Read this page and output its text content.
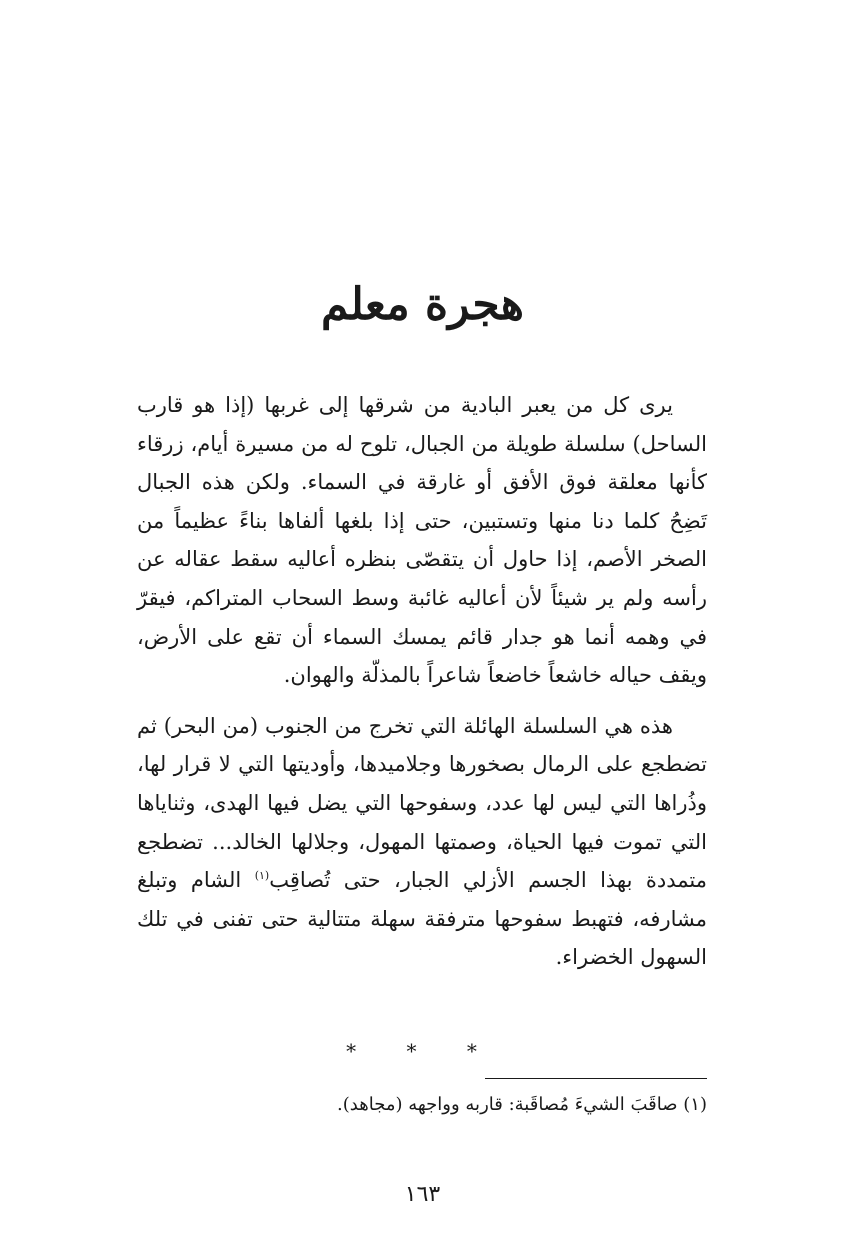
هجرة معلم

يرى كل من يعبر البادية من شرقها إلى غربها (إذا هو قارب الساحل) سلسلة طويلة من الجبال، تلوح له من مسيرة أيام، زرقاء كأنها معلقة فوق الأفق أو غارقة في السماء. ولكن هذه الجبال تَضِحُ كلما دنا منها وتستبين، حتى إذا بلغها ألفاها بناءً عظيماً من الصخر الأصم، إذا حاول أن يتقصّى بنظره أعاليه سقط عقاله عن رأسه ولم ير شيئاً لأن أعاليه غائبة وسط السحاب المتراكم، فيقرّ في وهمه أنما هو جدار قائم يمسك السماء أن تقع على الأرض، ويقف حياله خاشعاً خاضعاً شاعراً بالمذلّة والهوان.

هذه هي السلسلة الهائلة التي تخرج من الجنوب (من البحر) ثم تضطجع على الرمال بصخورها وجلاميدها، وأوديتها التي لا قرار لها، وذُراها التي ليس لها عدد، وسفوحها التي يضل فيها الهدى، وثناياها التي تموت فيها الحياة، وصمتها المهول، وجلالها الخالد... تضطجع متمددة بهذا الجسم الأزلي الجبار، حتى تُصاقِب$^{(١)}$ الشام وتبلغ مشارفه، فتهبط سفوحها مترفقة سهلة متتالية حتى تفنى في تلك السهول الخضراء.

* * *

(١) صاقَبَ الشيءَ مُصاقَبة: قاربه وواجهه (مجاهد).

١٦٣
